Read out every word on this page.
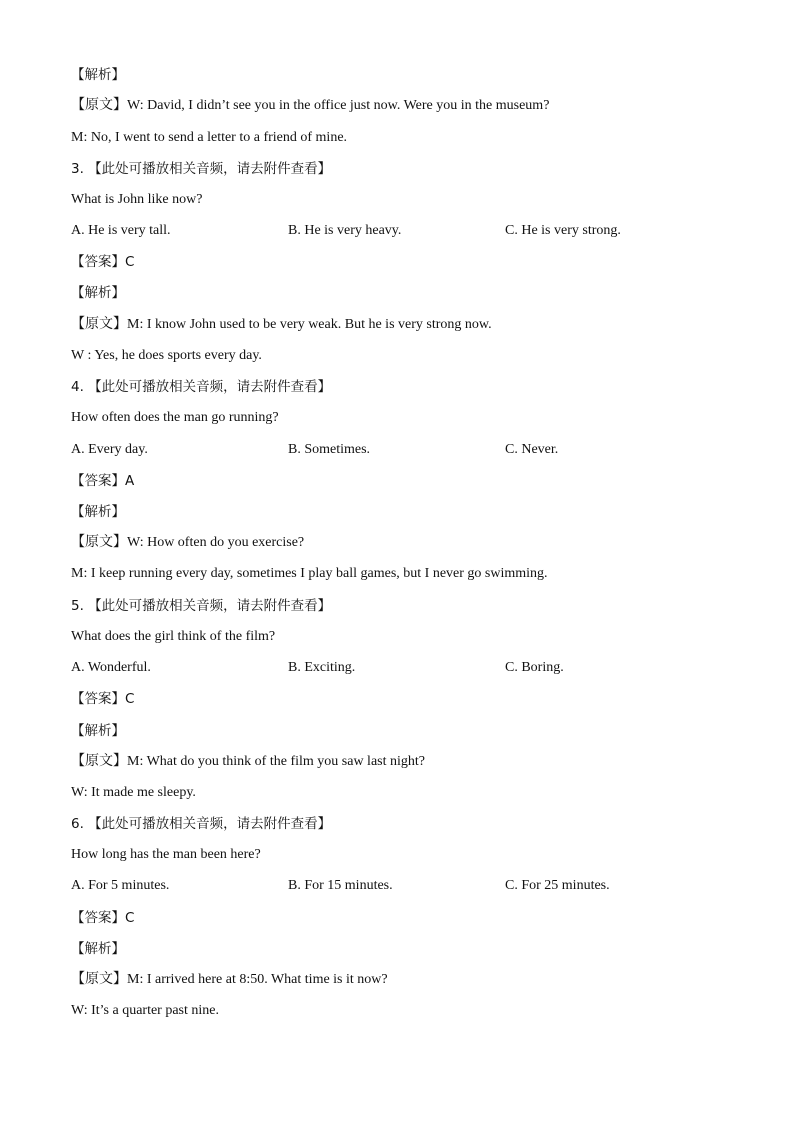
【解析】
【原文】W: David, I didn’t see you in the office just now. Were you in the museum?
M: No, I went to send a letter to a friend of mine.
3. 【此处可播放相关音频，请去附件查看】
What is John like now?
A. He is very tall.	B. He is very heavy.	C. He is very strong.
【答案】C
【解析】
【原文】M: I know John used to be very weak. But he is very strong now.
W : Yes, he does sports every day.
4. 【此处可播放相关音频，请去附件查看】
How often does the man go running?
A. Every day.	B. Sometimes.	C. Never.
【答案】A
【解析】
【原文】W: How often do you exercise?
M: I keep running every day, sometimes I play ball games, but I never go swimming.
5. 【此处可播放相关音频，请去附件查看】
What does the girl think of the film?
A. Wonderful.	B. Exciting.	C. Boring.
【答案】C
【解析】
【原文】M: What do you think of the film you saw last night?
W: It made me sleepy.
6. 【此处可播放相关音频，请去附件查看】
How long has the man been here?
A. For 5 minutes.	B. For 15 minutes.	C. For 25 minutes.
【答案】C
【解析】
【原文】M: I arrived here at 8:50. What time is it now?
W: It’s a quarter past nine.
